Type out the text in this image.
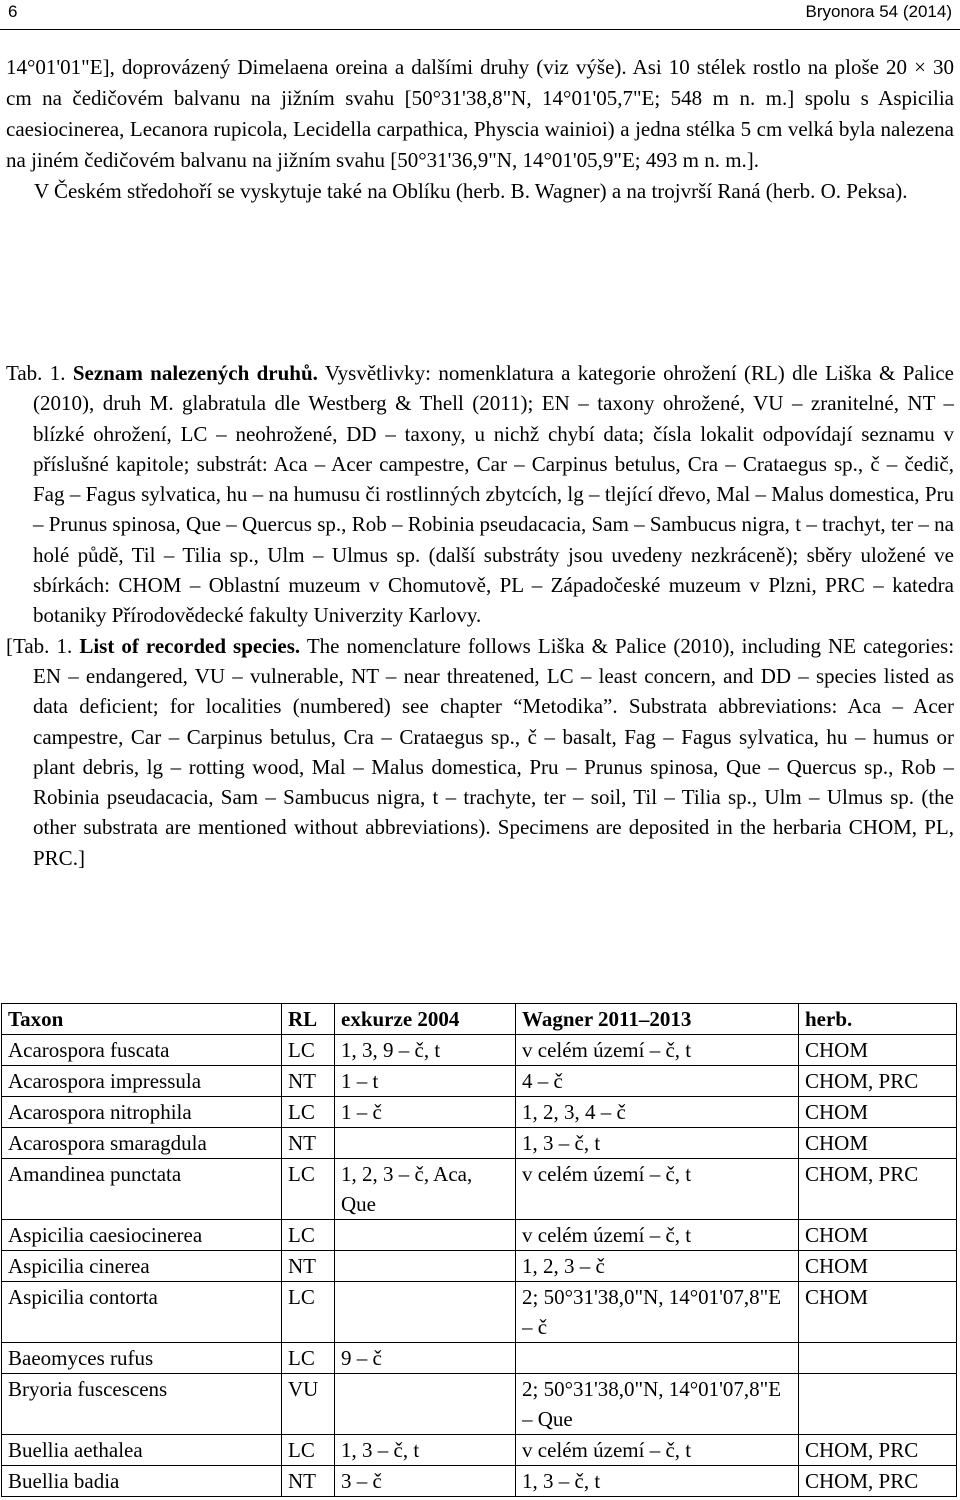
6	Bryonora 54 (2014)

14°01'01"E], doprovázený Dimelaena oreina a dalšími druhy (viz výše). Asi 10 stélek rostlo na ploše 20 × 30 cm na čedičovém balvanu na jižním svahu [50°31'38,8"N, 14°01'05,7"E; 548 m n. m.] spolu s Aspicilia caesiocinerea, Lecanora rupicola, Lecidella carpathica, Physcia wainioi) a jedna stélka 5 cm velká byla nalezena na jiném čedičovém balvanu na jižním svahu [50°31'36,9"N, 14°01'05,9"E; 493 m n. m.].

V Českém středohoří se vyskytuje také na Oblíku (herb. B. Wagner) a na trojvrší Raná (herb. O. Peksa).

Tab. 1. Seznam nalezených druhů. Vysvětlivky: nomenklatura a kategorie ohrožení (RL) dle Liška & Palice (2010), druh M. glabratula dle Westberg & Thell (2011); EN – taxony ohrožené, VU – zranitelné, NT – blízké ohrožení, LC – neohrožené, DD – taxony, u nichž chybí data; čísla lokalit odpovídají seznamu v příslušné kapitole; substrát: Aca – Acer campestre, Car – Carpinus betulus, Cra – Crataegus sp., č – čedič, Fag – Fagus sylvatica, hu – na humusu či rostlinných zbytcích, lg – tlející dřevo, Mal – Malus domestica, Pru – Prunus spinosa, Que – Quercus sp., Rob – Robinia pseudacacia, Sam – Sambucus nigra, t – trachyt, ter – na holé půdě, Til – Tilia sp., Ulm – Ulmus sp. (další substráty jsou uvedeny nezkráceně); sběry uložené ve sbírkách: CHOM – Oblastní muzeum v Chomutově, PL – Západočeské muzeum v Plzni, PRC – katedra botaniky Přírodovědecké fakulty Univerzity Karlovy.

[Tab. 1. List of recorded species. The nomenclature follows Liška & Palice (2010), including NE categories: EN – endangered, VU – vulnerable, NT – near threatened, LC – least concern, and DD – species listed as data deficient; for localities (numbered) see chapter “Metodika”. Substrata abbreviations: Aca – Acer campestre, Car – Carpinus betulus, Cra – Crataegus sp., č – basalt, Fag – Fagus sylvatica, hu – humus or plant debris, lg – rotting wood, Mal – Malus domestica, Pru – Prunus spinosa, Que – Quercus sp., Rob – Robinia pseudacacia, Sam – Sambucus nigra, t – trachyte, ter – soil, Til – Tilia sp., Ulm – Ulmus sp. (the other substrata are mentioned without abbreviations). Specimens are deposited in the herbaria CHOM, PL, PRC.]

Taxon	RL	exkurze 2004	Wagner 2011–2013	herb.
Acarospora fuscata	LC	1, 3, 9 – č, t	v celém území – č, t	CHOM
Acarospora impressula	NT	1 – t	4 – č	CHOM, PRC
Acarospora nitrophila	LC	1 – č	1, 2, 3, 4 – č	CHOM
Acarospora smaragdula	NT		1, 3 – č, t	CHOM
Amandinea punctata	LC	1, 2, 3 – č, Aca, Que	v celém území – č, t	CHOM, PRC
Aspicilia caesiocinerea	LC		v celém území – č, t	CHOM
Aspicilia cinerea	NT		1, 2, 3 – č	CHOM
Aspicilia contorta	LC		2; 50°31'38,0"N, 14°01'07,8"E – č	CHOM
Baeomyces rufus	LC	9 – č		
Bryoria fuscescens	VU		2; 50°31'38,0"N, 14°01'07,8"E – Que	
Buellia aethalea	LC	1, 3 – č, t	v celém území – č, t	CHOM, PRC
Buellia badia	NT	3 – č	1, 3 – č, t	CHOM, PRC
